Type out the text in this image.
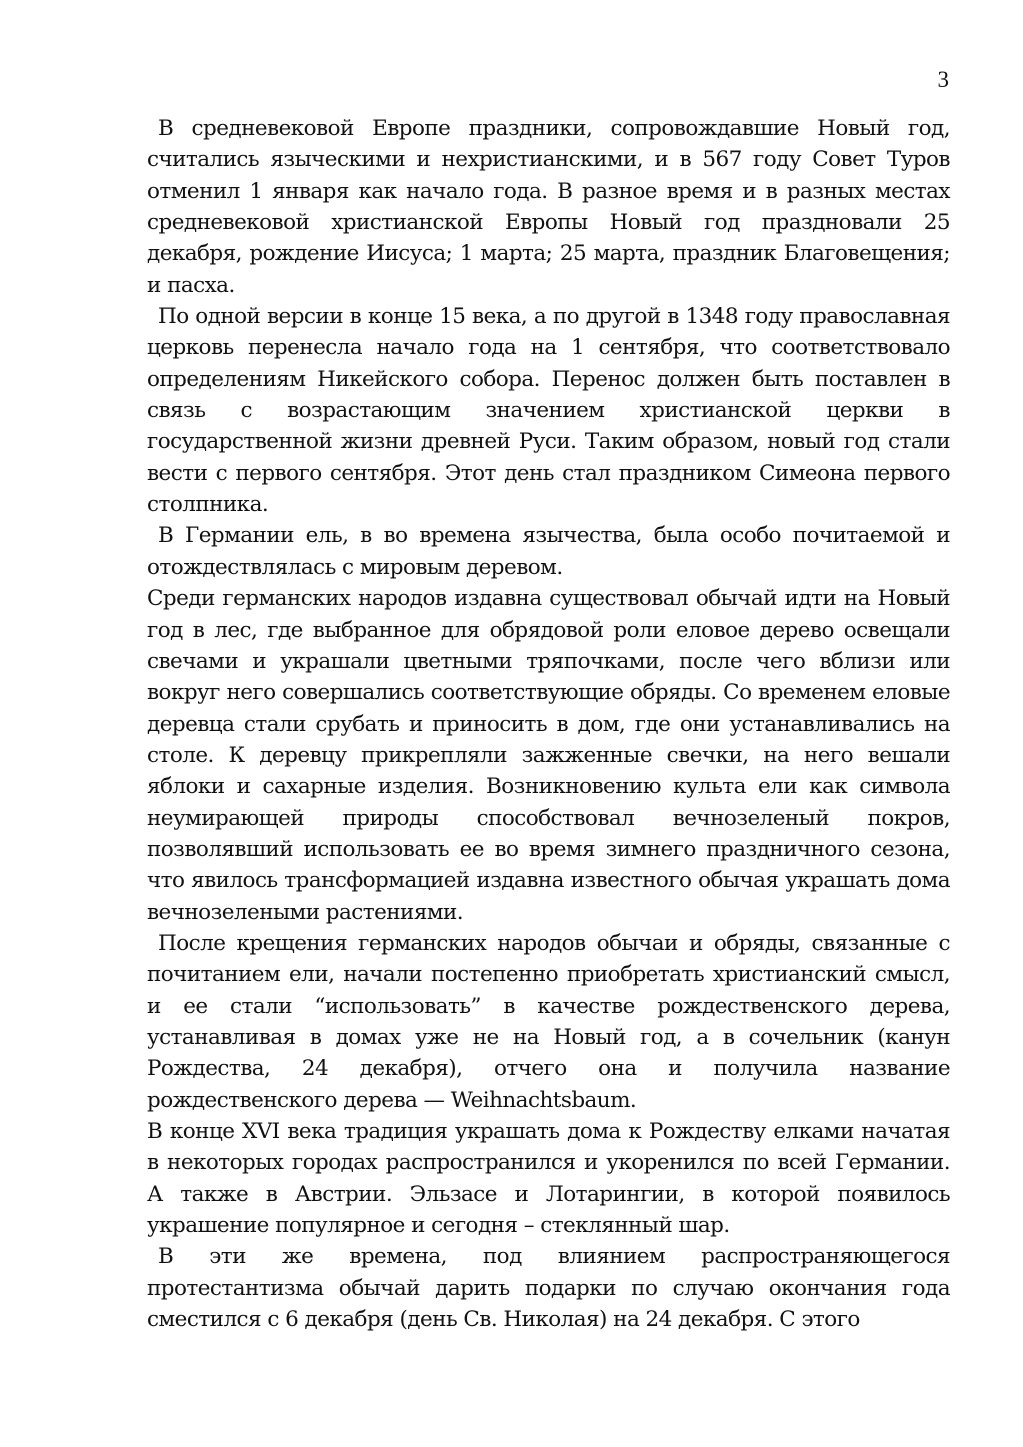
3

В средневековой Европе праздники, сопровождавшие Новый год, считались языческими и нехристианскими, и в 567 году Совет Туров отменил 1 января как начало года. В разное время и в разных местах средневековой христианской Европы Новый год праздновали 25 декабря, рождение Иисуса; 1 марта; 25 марта, праздник Благовещения; и пасха.

По одной версии в конце 15 века, а по другой в 1348 году православная церковь перенесла начало года на 1 сентября, что соответствовало определениям Никейского собора. Перенос должен быть поставлен в связь с возрастающим значением христианской церкви в государственной жизни древней Руси. Таким образом, новый год стали вести с первого сентября. Этот день стал праздником Симеона первого столпника.

В Германии ель, в во времена язычества, была особо почитаемой и отождествлялась с мировым деревом.

Среди германских народов издавна существовал обычай идти на Новый год в лес, где выбранное для обрядовой роли еловое дерево освещали свечами и украшали цветными тряпочками, после чего вблизи или вокруг него совершались соответствующие обряды. Со временем еловые деревца стали срубать и приносить в дом, где они устанавливались на столе. К деревцу прикрепляли зажженные свечки, на него вешали яблоки и сахарные изделия. Возникновению культа ели как символа неумирающей природы способствовал вечнозеленый покров, позволявший использовать ее во время зимнего праздничного сезона, что явилось трансформацией издавна известного обычая украшать дома вечнозелеными растениями.

После крещения германских народов обычаи и обряды, связанные с почитанием ели, начали постепенно приобретать христианский смысл, и ее стали “использовать” в качестве рождественского дерева, устанавливая в домах уже не на Новый год, а в сочельник (канун Рождества, 24 декабря), отчего она и получила название рождественского дерева — Weihnachtsbaum.

В конце XVI века традиция украшать дома к Рождеству елками начатая в некоторых городах распространился и укоренился по всей Германии. А также в Австрии. Эльзасе и Лотарингии, в которой появилось украшение популярное и сегодня – стеклянный шар.

В эти же времена, под влиянием распространяющегося протестантизма обычай дарить подарки по случаю окончания года сместился с 6 декабря (день Св. Николая) на 24 декабря. С этого
